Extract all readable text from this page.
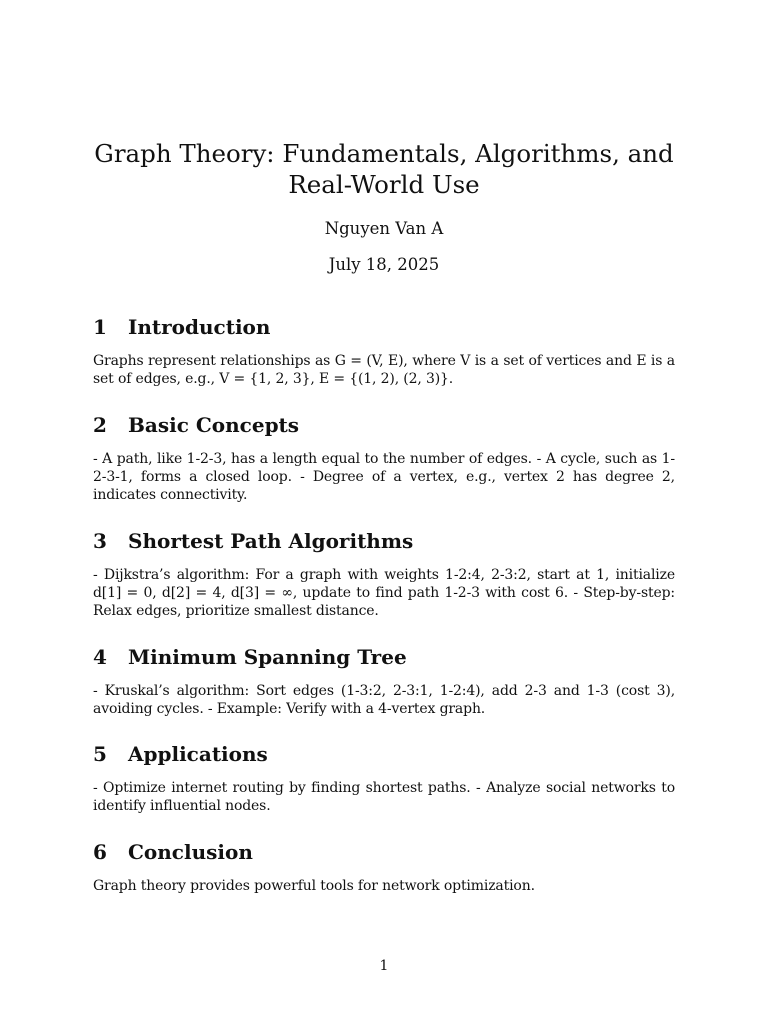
Graph Theory: Fundamentals, Algorithms, and
Real-World Use
Nguyen Van A
July 18, 2025
1 Introduction

Graphs represent relationships as G = (V, E), where V is a set of vertices and E is a set of edges, e.g., V = {1, 2, 3}, E = {(1, 2), (2, 3)}.

2 Basic Concepts

- A path, like 1-2-3, has a length equal to the number of edges. - A cycle, such as 1-2-3-1, forms a closed loop. - Degree of a vertex, e.g., vertex 2 has degree 2, indicates connectivity.

3 Shortest Path Algorithms

- Dijkstra’s algorithm: For a graph with weights 1-2:4, 2-3:2, start at 1, initialize d[1] = 0, d[2] = 4, d[3] = ∞, update to find path 1-2-3 with cost 6. - Step-by-step: Relax edges, prioritize smallest distance.

4 Minimum Spanning Tree

- Kruskal’s algorithm: Sort edges (1-3:2, 2-3:1, 1-2:4), add 2-3 and 1-3 (cost 3), avoiding cycles. - Example: Verify with a 4-vertex graph.

5 Applications

- Optimize internet routing by finding shortest paths. - Analyze social networks to identify influential nodes.

6 Conclusion

Graph theory provides powerful tools for network optimization.

1
